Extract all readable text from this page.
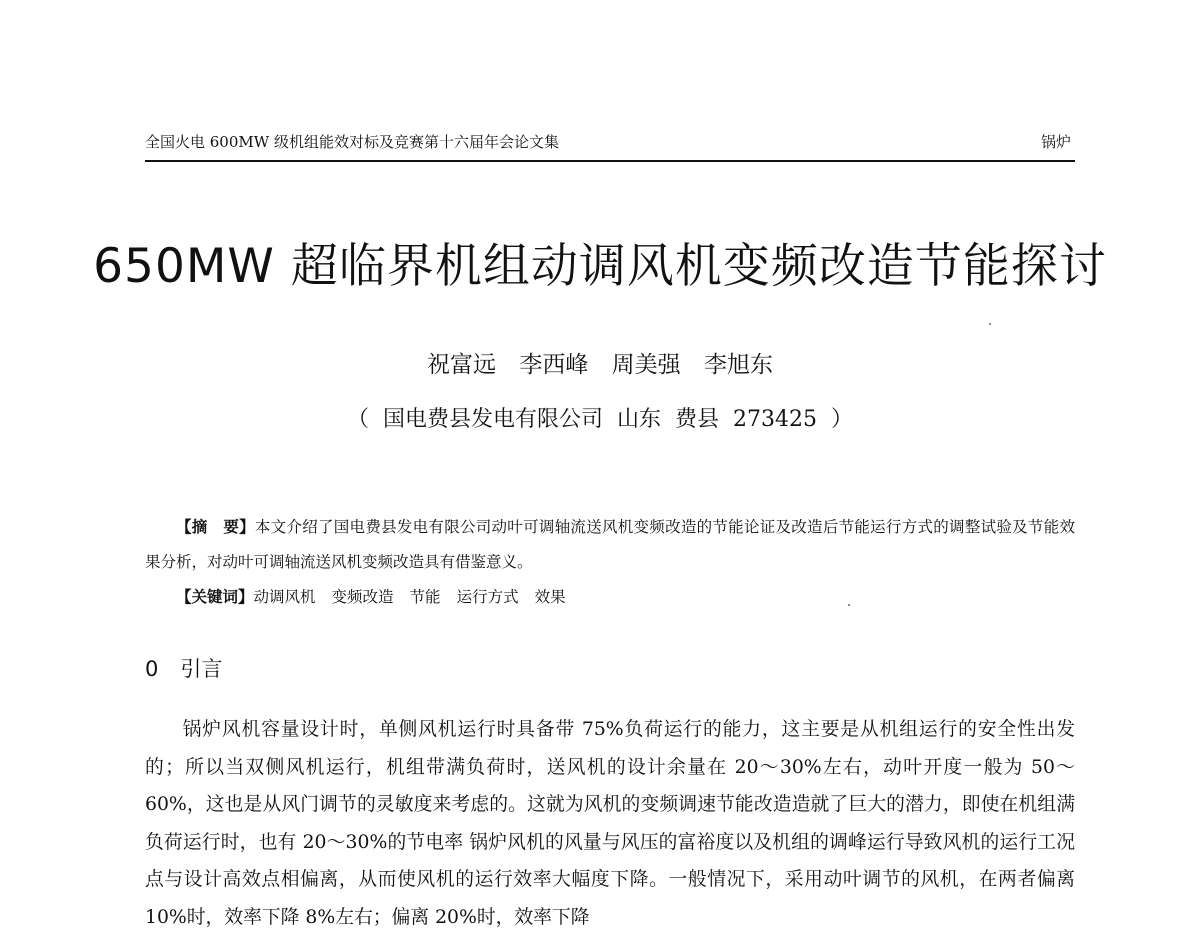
全国火电 600MW 级机组能效对标及竞赛第十六届年会论文集	锅炉
650MW 超临界机组动调风机变频改造节能探讨
祝富远 李西峰 周美强 李旭东
（ 国电费县发电有限公司 山东 费县 273425 ）

【摘　要】本文介绍了国电费县发电有限公司动叶可调轴流送风机变频改造的节能论证及改造后节能运行方式的调整试验及节能效果分析，对动叶可调轴流送风机变频改造具有借鉴意义。

【关键词】动调风机 变频改造 节能 运行方式 效果

0 引言

锅炉风机容量设计时，单侧风机运行时具备带 75%负荷运行的能力，这主要是从机组运行的安全性出发的；所以当双侧风机运行，机组带满负荷时，送风机的设计余量在 20～30%左右，动叶开度一般为 50～60%，这也是从风门调节的灵敏度来考虑的。这就为风机的变频调速节能改造造就了巨大的潜力，即使在机组满负荷运行时，也有 20～30%的节电率 锅炉风机的风量与风压的富裕度以及机组的调峰运行导致风机的运行工况点与设计高效点相偏离，从而使风机的运行效率大幅度下降。一般情况下，采用动叶调节的风机，在两者偏离 10%时，效率下降 8%左右；偏离 20%时，效率下降
